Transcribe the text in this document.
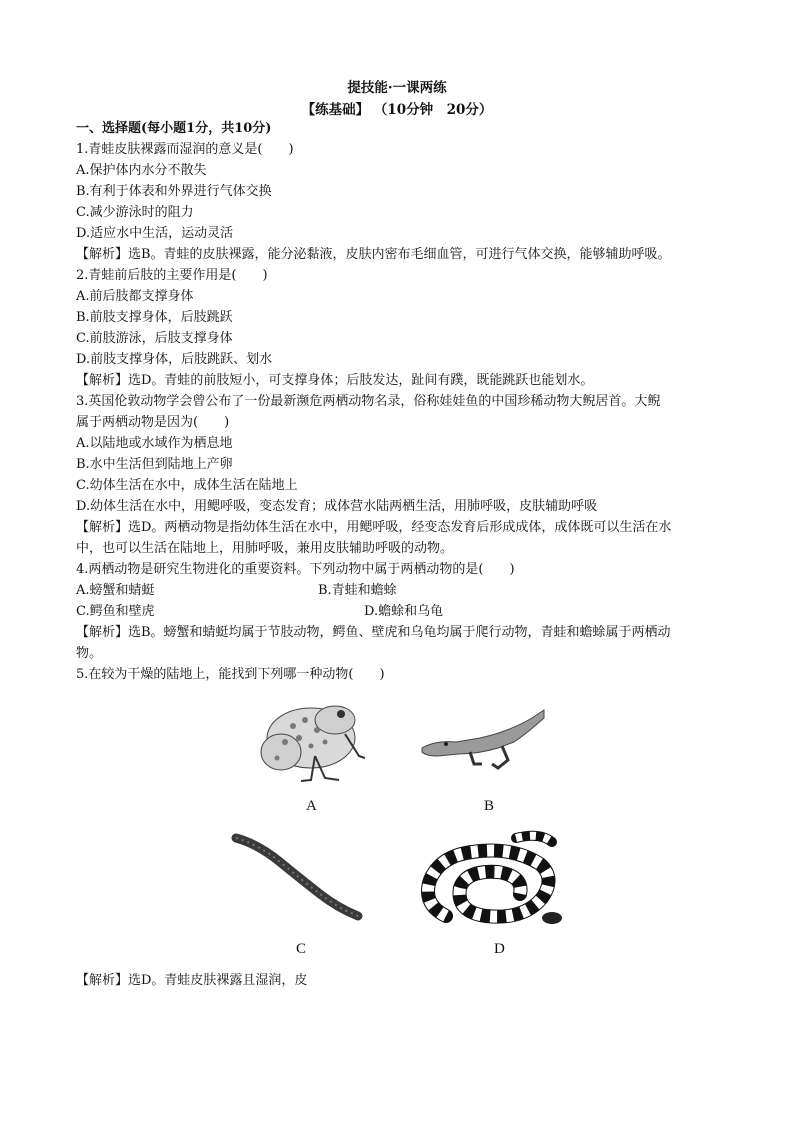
提技能·一课两练
【练基础】 （10分钟　20分）
一、选择题(每小题1分，共10分)
1.青蛙皮肤裸露而湿润的意义是(　　)
A.保护体内水分不散失
B.有利于体表和外界进行气体交换
C.减少游泳时的阻力
D.适应水中生活，运动灵活
【解析】选B。青蛙的皮肤裸露，能分泌黏液，皮肤内密布毛细血管，可进行气体交换，能够辅助呼吸。
2.青蛙前后肢的主要作用是(　　)
A.前后肢都支撑身体
B.前肢支撑身体，后肢跳跃
C.前肢游泳，后肢支撑身体
D.前肢支撑身体，后肢跳跃、划水
【解析】选D。青蛙的前肢短小，可支撑身体；后肢发达，趾间有蹼，既能跳跃也能划水。
3.英国伦敦动物学会曾公布了一份最新濒危两栖动物名录，俗称娃娃鱼的中国珍稀动物大鲵居首。大鲵
属于两栖动物是因为(　　)
A.以陆地或水域作为栖息地
B.水中生活但到陆地上产卵
C.幼体生活在水中，成体生活在陆地上
D.幼体生活在水中，用鳃呼吸，变态发育；成体营水陆两栖生活，用肺呼吸，皮肤辅助呼吸
【解析】选D。两栖动物是指幼体生活在水中，用鳃呼吸，经变态发育后形成成体，成体既可以生活在水
中，也可以生活在陆地上，用肺呼吸，兼用皮肤辅助呼吸的动物。
4.两栖动物是研究生物进化的重要资料。下列动物中属于两栖动物的是(　　)
A.螃蟹和蜻蜓	B.青蛙和蟾蜍
C.鳄鱼和壁虎	D.蟾蜍和乌龟
【解析】选B。螃蟹和蜻蜓均属于节肢动物，鳄鱼、壁虎和乌龟均属于爬行动物，青蛙和蟾蜍属于两栖动
物。
5.在较为干燥的陆地上，能找到下列哪一种动物(　　)
A	B
C	D
【解析】选D。青蛙皮肤裸露且湿润，皮
